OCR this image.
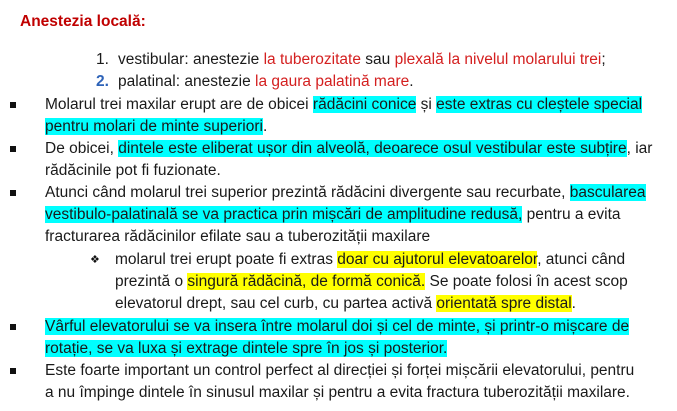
Anestezia locală:
1. vestibular: anestezie la tuberozitate sau plexală la nivelul molarului trei;
2. palatinal: anestezie la gaura palatină mare.
Molarul trei maxilar erupt are de obicei rădăcini conice și este extras cu cleștele special
pentru molari de minte superiori.
De obicei, dintele este eliberat ușor din alveolă, deoarece osul vestibular este subțire, iar
rădăcinile pot fi fuzionate.
Atunci când molarul trei superior prezintă rădăcini divergente sau recurbate, bascularea
vestibulo-palatinală se va practica prin mișcări de amplitudine redusă, pentru a evita
fracturarea rădăcinilor efilate sau a tuberozității maxilare
❖ molarul trei erupt poate fi extras doar cu ajutorul elevatoarelor, atunci când
prezintă o singură rădăcină, de formă conică. Se poate folosi în acest scop
elevatorul drept, sau cel curb, cu partea activă orientată spre distal.
Vârful elevatorului se va insera între molarul doi și cel de minte, și printr-o mișcare de
rotație, se va luxa și extrage dintele spre în jos și posterior.
Este foarte important un control perfect al direcției și forței mișcării elevatorului, pentru
a nu împinge dintele în sinusul maxilar și pentru a evita fractura tuberozității maxilare.
